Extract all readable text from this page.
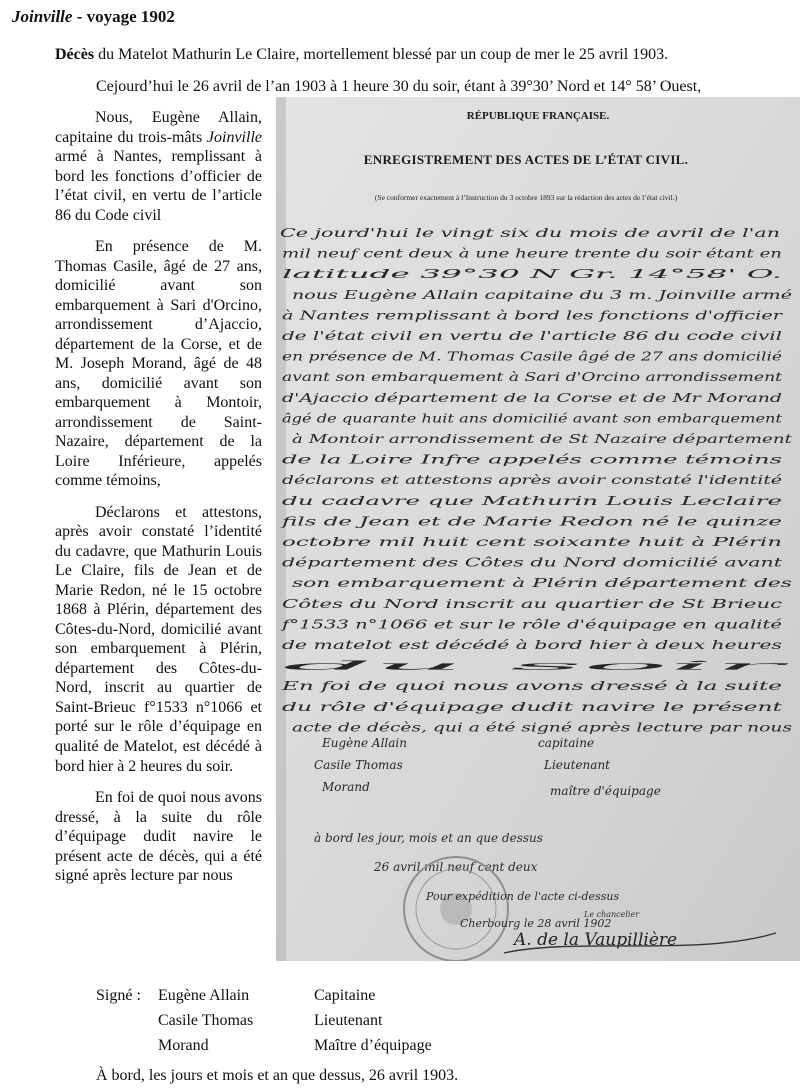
Joinville - voyage 1902
Décès du Matelot Mathurin Le Claire, mortellement blessé par un coup de mer le 25 avril 1903.
Cejourd’hui le 26 avril de l’an 1903 à 1 heure 30 du soir, étant à 39°30’ Nord et 14° 58’ Ouest,

Nous, Eugène Allain, capitaine du trois-mâts Joinville armé à Nantes, remplissant à bord les fonctions d’officier de l’état civil, en vertu de l’article 86 du Code civil

En présence de M. Thomas Casile, âgé de 27 ans, domicilié avant son embarquement à Sari d'Orcino, arrondissement d’Ajaccio, département de la Corse, et de M. Joseph Morand, âgé de 48 ans, domicilié avant son embarquement à Montoir, arrondissement de Saint-Nazaire, département de la Loire Inférieure, appelés comme témoins,

Déclarons et attestons, après avoir constaté l’identité du cadavre, que Mathurin Louis Le Claire, fils de Jean et de Marie Redon, né le 15 octobre 1868 à Plérin, département des Côtes-du-Nord, domicilié avant son embarquement à Plérin, département des Côtes-du-Nord, inscrit au quartier de Saint-Brieuc f°1533 n°1066 et porté sur le rôle d’équipage en qualité de Matelot, est décédé à bord hier à 2 heures du soir.

En foi de quoi nous avons dressé, à la suite du rôle d’équipage dudit navire le présent acte de décès, qui a été signé après lecture par nous

RÉPUBLIQUE FRANÇAISE.
ENREGISTREMENT DES ACTES DE L’ÉTAT CIVIL.
(Se conformer exactement à l’Instruction du 3 octobre 1893 sur la rédaction des actes de l’état civil.)
Ce jourd'hui le vingt six du mois de avril de l'an
mil neuf cent deux à une heure trente du soir étant en
latitude 39°30 N Gr. 14°58' O.
nous Eugène Allain capitaine du 3 m. Joinville armé
à Nantes remplissant à bord les fonctions d'officier
de l'état civil en vertu de l'article 86 du code civil
en présence de M. Thomas Casile âgé de 27 ans domicilié
avant son embarquement à Sari d'Orcino arrondissement
d'Ajaccio département de la Corse et de Mr Morand
âgé de quarante huit ans domicilié avant son embarquement
à Montoir arrondissement de St Nazaire département
de la Loire Infre appelés comme témoins
déclarons et attestons après avoir constaté l'identité
du cadavre que Mathurin Louis Leclaire
fils de Jean et de Marie Redon né le quinze
octobre mil huit cent soixante huit à Plérin
département des Côtes du Nord domicilié avant
son embarquement à Plérin département des
Côtes du Nord inscrit au quartier de St Brieuc
f°1533 n°1066 et sur le rôle d'équipage en qualité
de matelot est décédé à bord hier à deux heures
du soir
En foi de quoi nous avons dressé à la suite
du rôle d'équipage dudit navire le présent
acte de décès, qui a été signé après lecture par nous
Eugène Allain	capitaine
Casile Thomas	Lieutenant
Morand	maître d'équipage
à bord les jour, mois et an que dessus
26 avril mil neuf cent deux
Pour expédition de l'acte ci-dessus
Cherbourg le 28 avril 1902
Le chancelier
A. de la Vaupillière
Signé : Eugène Allain	Capitaine
Casile Thomas	Lieutenant
Morand	Maître d’équipage
À bord, les jours et mois et an que dessus, 26 avril 1903.
